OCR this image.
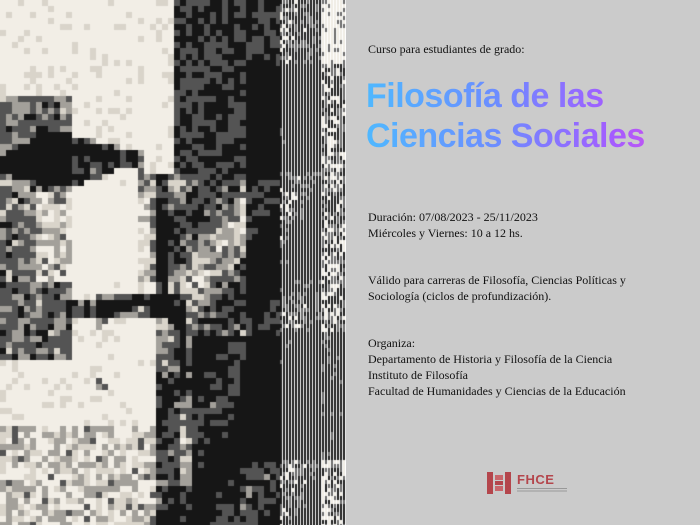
Curso para estudiantes de grado:
Filosofía de las
Ciencias Sociales
Duración: 07/08/2023 - 25/11/2023
Miércoles y Viernes: 10 a 12 hs.
Válido para carreras de Filosofía, Ciencias Políticas y
Sociología (ciclos de profundización).
Organiza:
Departamento de Historia y Filosofía de la Ciencia
Instituto de Filosofía
Facultad de Humanidades y Ciencias de la Educación
FHCE
